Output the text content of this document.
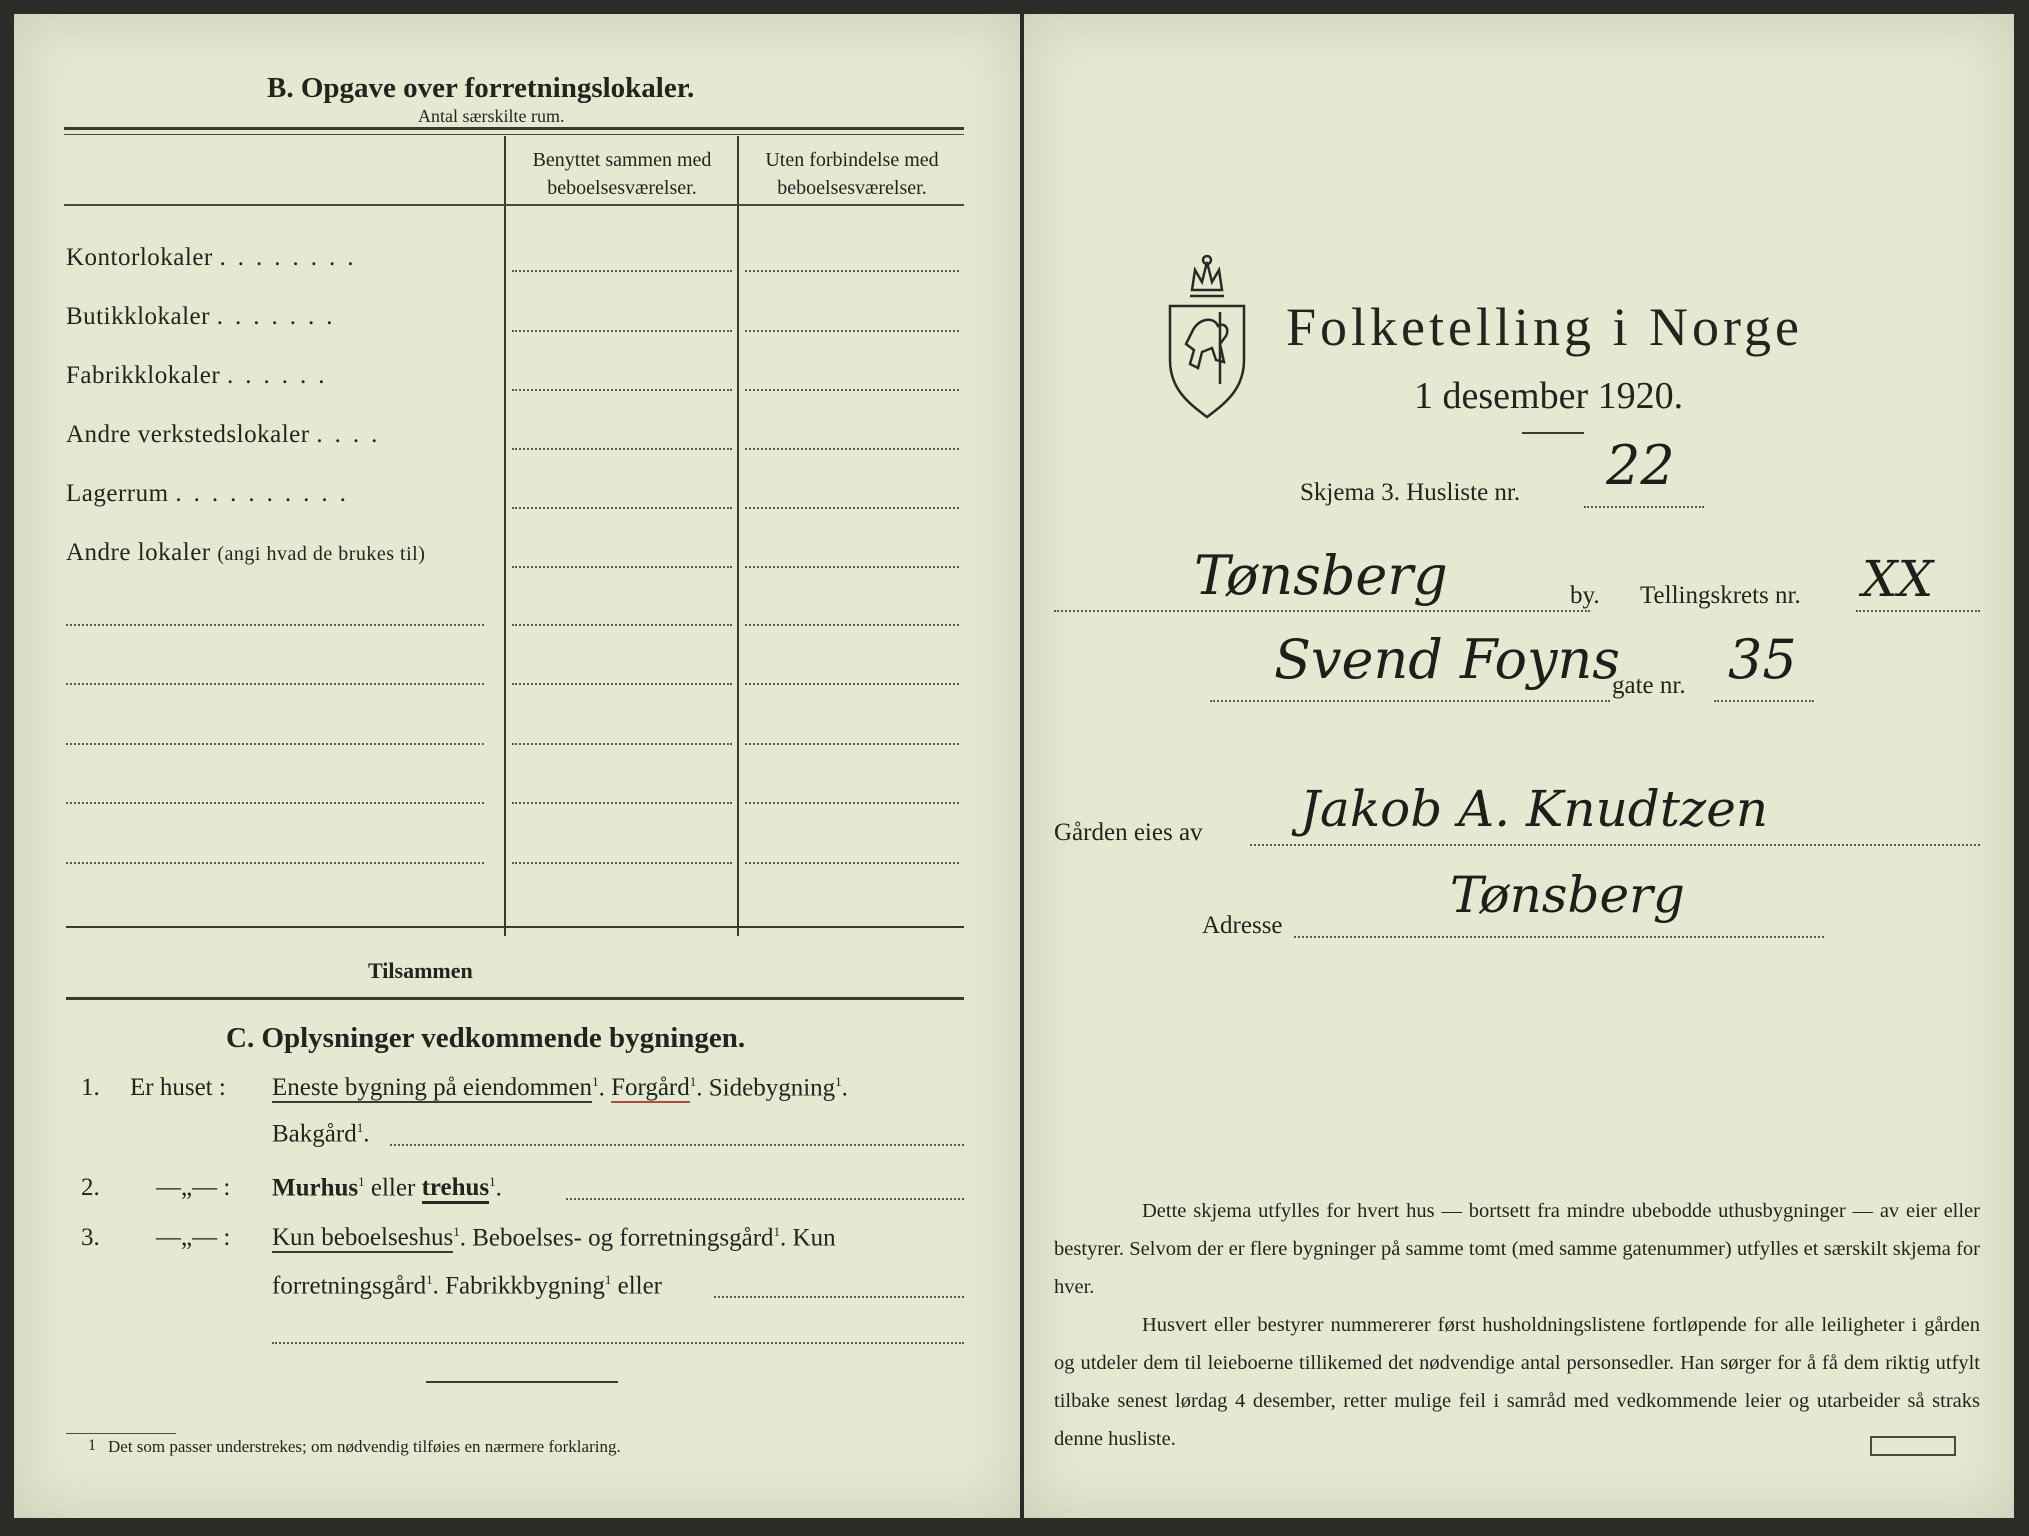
B. Opgave over forretningslokaler.
Antal særskilte rum.
Benyttet sammen med
beboelsesværelser.
Uten forbindelse med
beboelsesværelser.
Kontorlokaler ........
Butikklokaler .......
Fabrikklokaler ......
Andre verkstedslokaler ....
Lagerrum ..........
Andre lokaler (angi hvad de brukes til)
Tilsammen
C. Oplysninger vedkommende bygningen.
1. Er huset : Eneste bygning på eiendommen$^1$. Forgård$^1$. Sidebygning$^1$.
Bakgård$^1$.
2. —„— : Murhus$^1$ eller trehus$^1$.
3. —„— : Kun beboelseshus$^1$. Beboelses- og forretningsgård$^1$. Kun
forretningsgård$^1$. Fabrikkbygning$^1$ eller
1 Det som passer understrekes; om nødvendig tilføies en nærmere forklaring.
Folketelling i Norge
1 desember 1920.
Skjema 3. Husliste nr. 22
Tønsberg	by. Tellingskrets nr. XX
Svend Foyns
gate nr. 35
Gården eies av Jakob A. Knudtzen
Adresse
Tønsberg
Dette skjema utfylles for hvert hus — bortsett fra mindre ubebodde uthusbygninger — av eier eller bestyrer. Selvom der er flere bygninger på samme tomt (med samme gatenummer) utfylles et særskilt skjema for hver.
Husvert eller bestyrer nummererer først husholdningslistene fortløpende for alle leiligheter i gården og utdeler dem til leieboerne tillikemed det nødvendige antal personsedler. Han sørger for å få dem riktig utfylt tilbake senest lørdag 4 desember, retter mulige feil i samråd med vedkommende leier og utarbeider så straks denne husliste.
